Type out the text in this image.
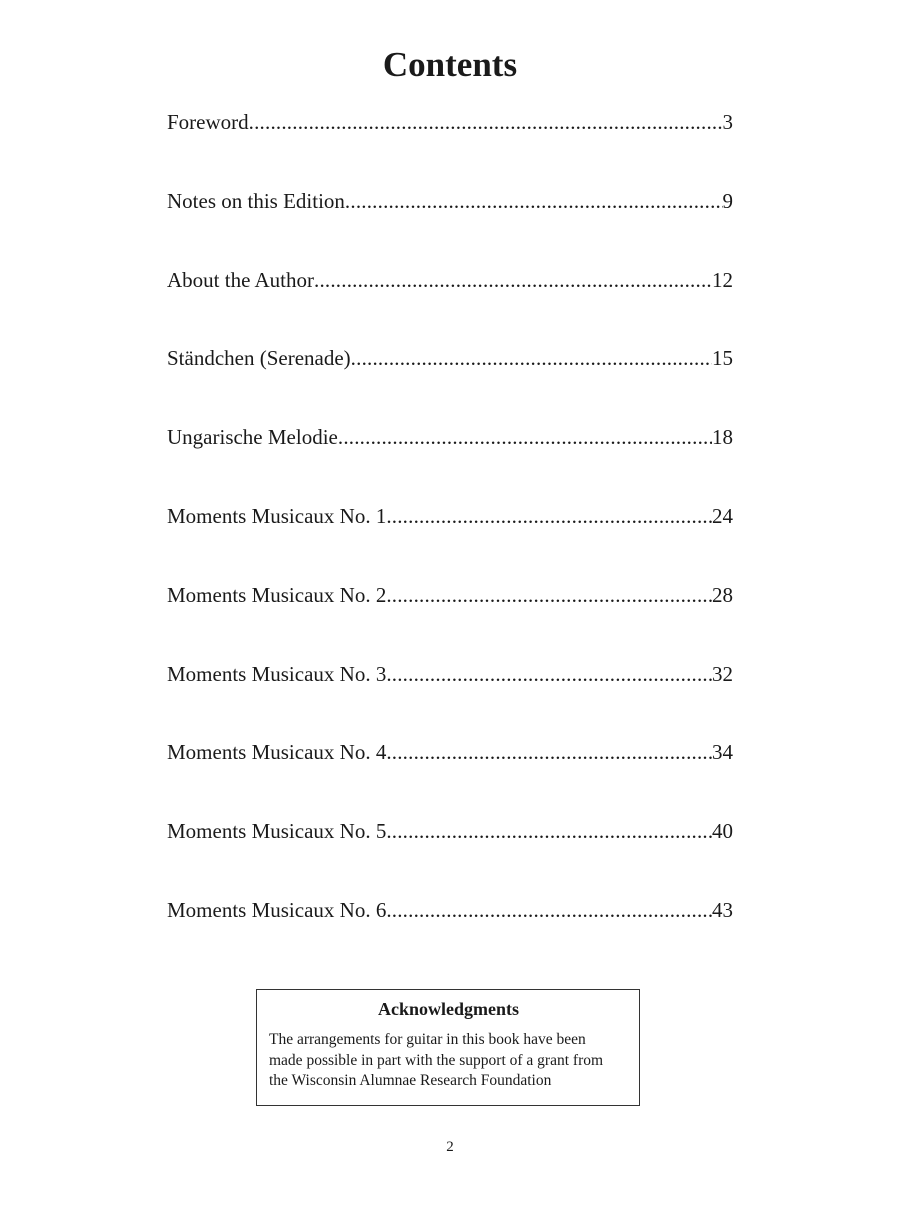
Contents
Foreword .....	3
Notes on this Edition .....	9
About the Author .....	12
Ständchen (Serenade) .....	15
Ungarische Melodie .....	18
Moments Musicaux No. 1 .....	24
Moments Musicaux No. 2 .....	28
Moments Musicaux No. 3 .....	32
Moments Musicaux No. 4 .....	34
Moments Musicaux No. 5 .....	40
Moments Musicaux No. 6 .....	43
Acknowledgments

The arrangements for guitar in this book have been
made possible in part with the support of a grant from
the Wisconsin Alumnae Research Foundation

2
